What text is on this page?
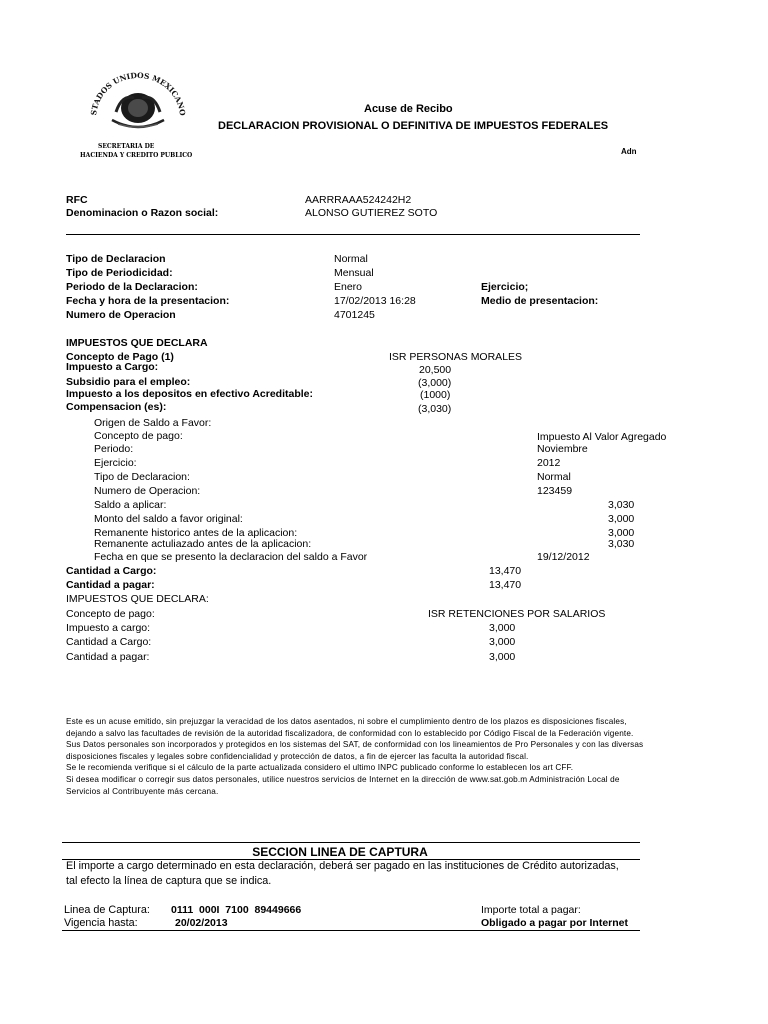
STADOS UNIDOS MEXICANO
SECRETARIA DE
HACIENDA Y CREDITO PUBLICO
Acuse de Recibo
DECLARACION PROVISIONAL O DEFINITIVA DE IMPUESTOS FEDERALES
Adn
RFC	AARRRAAA524242H2
Denominacion o Razon social:	ALONSO GUTIEREZ SOTO
Tipo de Declaracion	Normal
Tipo de Periodicidad:	Mensual
Periodo de la Declaracion:	Enero	Ejercicio;
Fecha y hora de la presentacion:	17/02/2013 16:28	Medio de presentacion:
Numero de Operacion	4701245
IMPUESTOS QUE DECLARA
Concepto de Pago (1)	ISR PERSONAS MORALES
Impuesto a Cargo:	20,500
Subsidio para el empleo:	(3,000)
Impuesto a los depositos en efectivo Acreditable:	(1000)
Compensacion (es):	(3,030)
Origen de Saldo a Favor:
Concepto de pago:	Impuesto Al Valor Agregado
Periodo:	Noviembre
Ejercicio:	2012
Tipo de Declaracion:	Normal
Numero de Operacion:	123459
Saldo a aplicar:	3,030
Monto del saldo a favor original:	3,000
Remanente historico antes de la aplicacion:	3,000
Remanente actuliazado antes de la aplicacion:	3,030
Fecha en que se presento la declaracion del saldo a Favor	19/12/2012
Cantidad a Cargo:	13,470
Cantidad a pagar:	13,470
IMPUESTOS QUE DECLARA:
Concepto de pago:	ISR RETENCIONES POR SALARIOS
Impuesto a cargo:	3,000
Cantidad a Cargo:	3,000
Cantidad a pagar:	3,000

Este es un acuse emitido, sin prejuzgar la veracidad de los datos asentados, ni sobre el cumplimiento dentro de los plazos es disposiciones fiscales, dejando a salvo las facultades de revisión de la autoridad fiscalizadora, de conformidad con lo establecido por Código Fiscal de la Federación vigente.

Sus Datos personales son incorporados y protegidos en los sistemas del SAT, de conformidad con los lineamientos de Pro Personales y con las diversas disposiciones fiscales y legales sobre confidencialidad y protección de datos, a fin de ejercer las faculta la autoridad fiscal.

Se le recomienda verifique si el cálculo de la parte actualizada considero el ultimo INPC publicado conforme lo establecen los art CFF.

Si desea modificar o corregir sus datos personales, utilice nuestros servicios de Internet en la dirección de www.sat.gob.m Administración Local de Servicios al Contribuyente más cercana.

SECCION LINEA DE CAPTURA
El importe a cargo determinado en esta declaración, deberá ser pagado en las instituciones de Crédito autorizadas,
tal efecto la línea de captura que se indica.
Linea de Captura: 0111  000I  7100  89449666	Importe total a pagar:
Vigencia hasta:	20/02/2013	Obligado a pagar por Internet
